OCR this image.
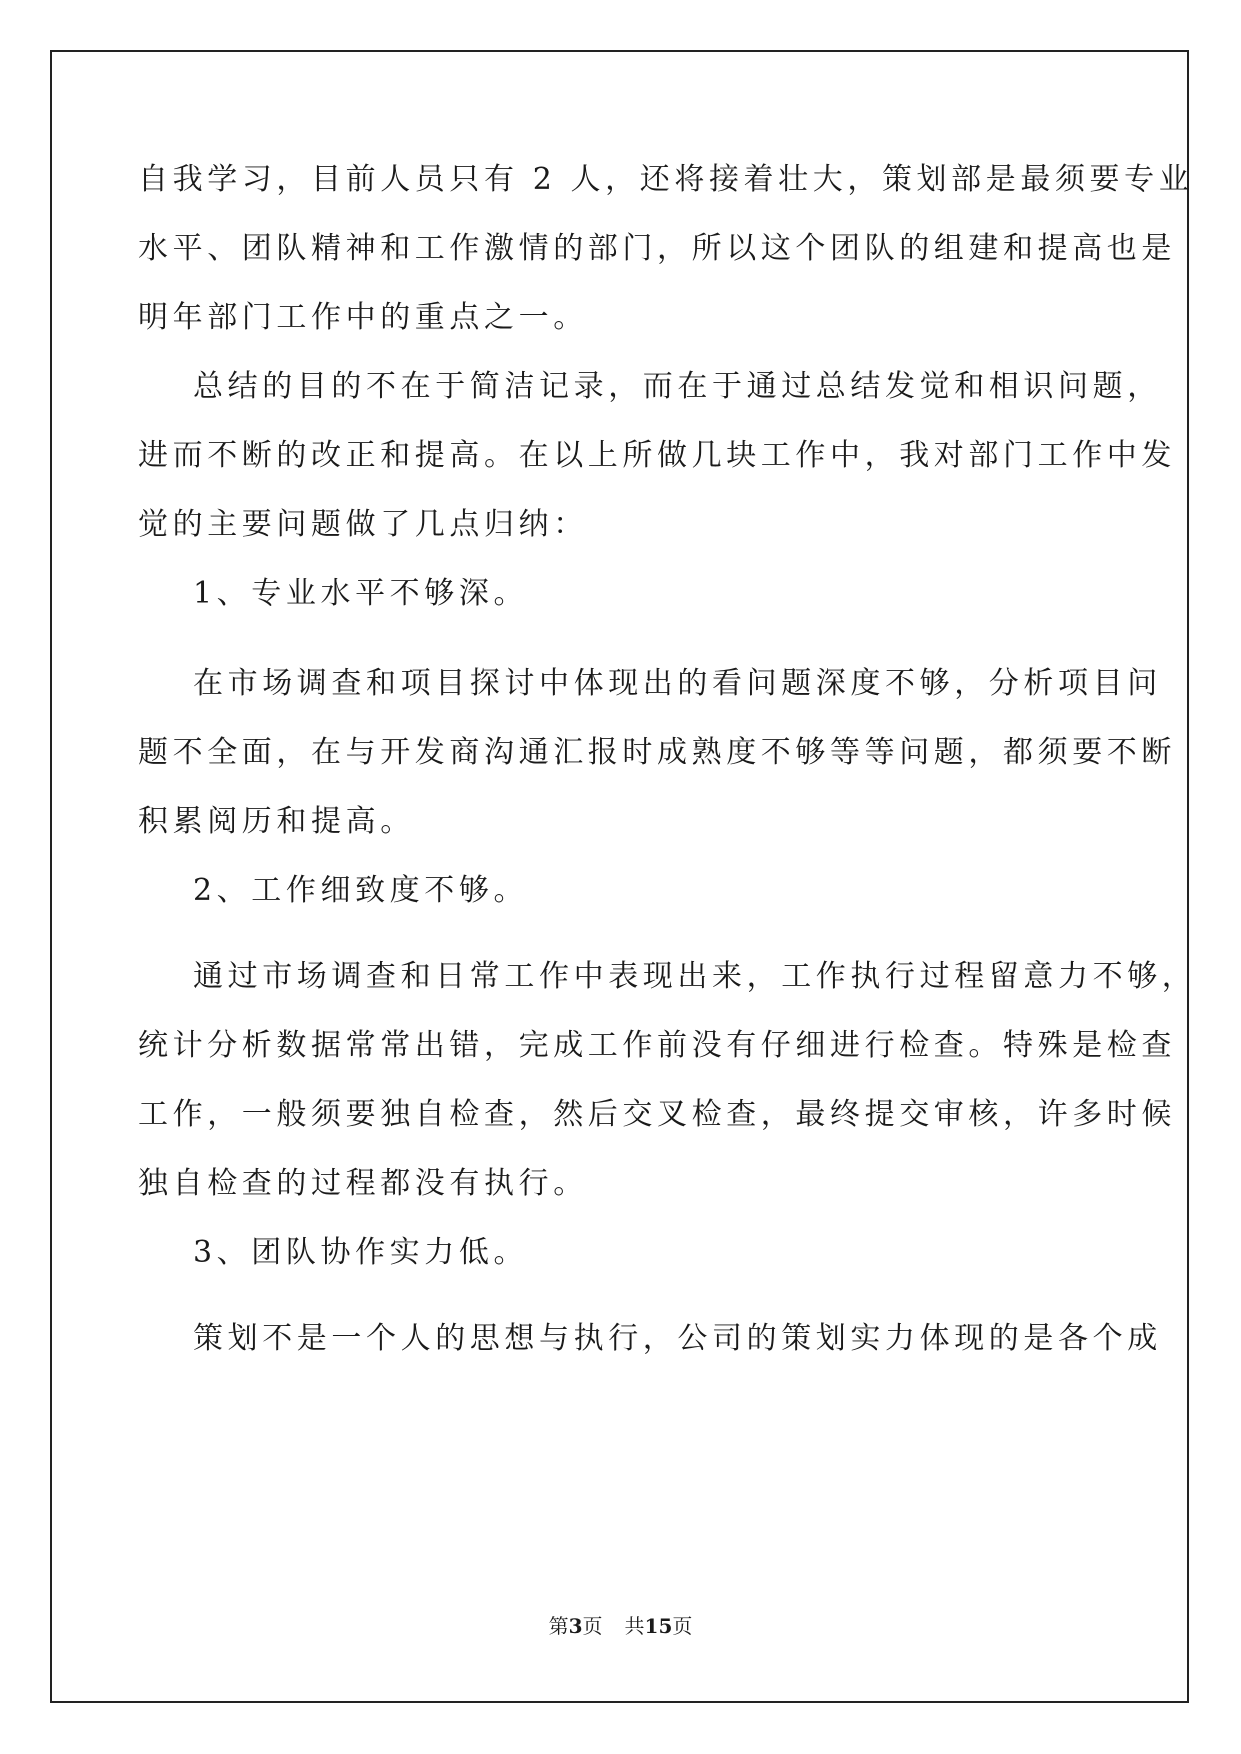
自我学习，目前人员只有 2 人，还将接着壮大，策划部是最须要专业
水平、团队精神和工作激情的部门，所以这个团队的组建和提高也是
明年部门工作中的重点之一。
总结的目的不在于简洁记录，而在于通过总结发觉和相识问题，
进而不断的改正和提高。在以上所做几块工作中，我对部门工作中发
觉的主要问题做了几点归纳：
1、专业水平不够深。
在市场调查和项目探讨中体现出的看问题深度不够，分析项目问
题不全面，在与开发商沟通汇报时成熟度不够等等问题，都须要不断
积累阅历和提高。
2、工作细致度不够。
通过市场调查和日常工作中表现出来，工作执行过程留意力不够，
统计分析数据常常出错，完成工作前没有仔细进行检查。特殊是检查
工作，一般须要独自检查，然后交叉检查，最终提交审核，许多时候
独自检查的过程都没有执行。
3、团队协作实力低。
策划不是一个人的思想与执行，公司的策划实力体现的是各个成
第3页 共15页
